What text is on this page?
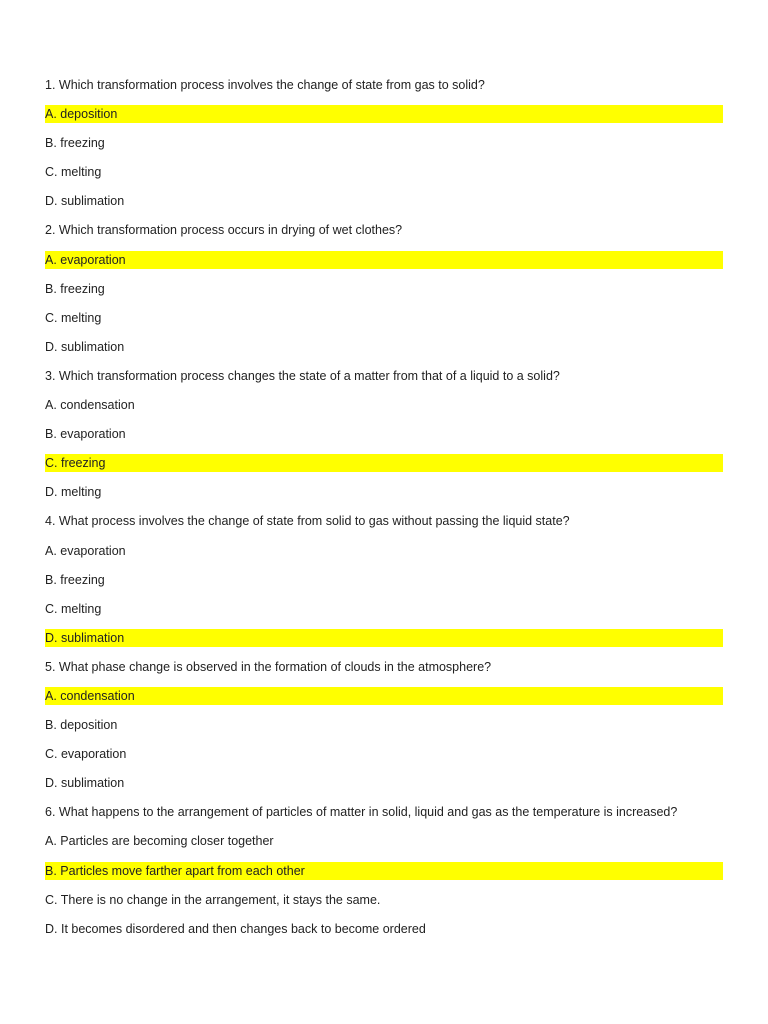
1. Which transformation process involves the change of state from gas to solid?
A. deposition
B. freezing
C. melting
D. sublimation
2. Which transformation process occurs in drying of wet clothes?
A. evaporation
B. freezing
C. melting
D. sublimation
3. Which transformation process changes the state of a matter from that of a liquid to a solid?
A. condensation
B. evaporation
C. freezing
D. melting
4. What process involves the change of state from solid to gas without passing the liquid state?
A. evaporation
B. freezing
C. melting
D. sublimation
5. What phase change is observed in the formation of clouds in the atmosphere?
A. condensation
B. deposition
C. evaporation
D. sublimation
6. What happens to the arrangement of particles of matter in solid, liquid and gas as the temperature is increased?
A. Particles are becoming closer together
B. Particles move farther apart from each other
C. There is no change in the arrangement, it stays the same.
D. It becomes disordered and then changes back to become ordered
